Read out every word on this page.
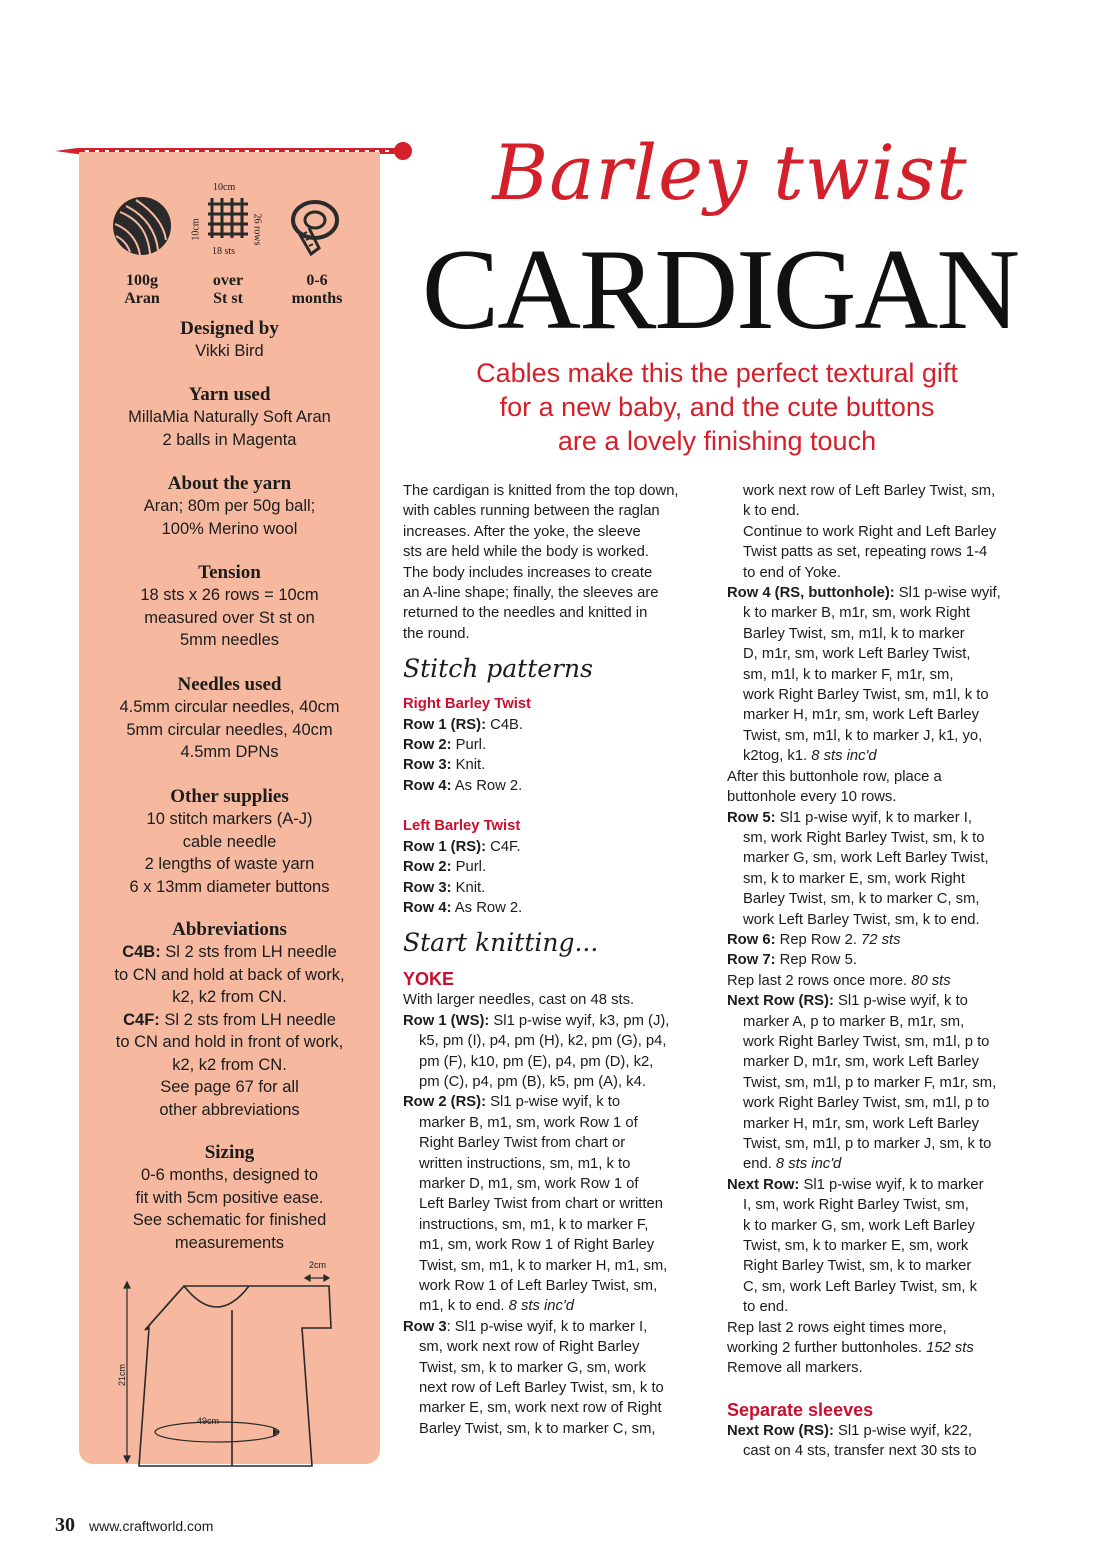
100g
Aran
10cm
10cm	26 rows
18 sts
over
St st
0-6
months
Designed by
Vikki Bird
Yarn used
MillaMia Naturally Soft Aran
2 balls in Magenta
About the yarn
Aran; 80m per 50g ball;
100% Merino wool
Tension
18 sts x 26 rows = 10cm
measured over St st on
5mm needles
Needles used
4.5mm circular needles, 40cm
5mm circular needles, 40cm
4.5mm DPNs
Other supplies
10 stitch markers (A-J)
cable needle
2 lengths of waste yarn
6 x 13mm diameter buttons
Abbreviations
C4B: Sl 2 sts from LH needle
to CN and hold at back of work,
k2, k2 from CN.
C4F: Sl 2 sts from LH needle
to CN and hold in front of work,
k2, k2 from CN.
See page 67 for all
other abbreviations
Sizing
0-6 months, designed to
fit with 5cm positive ease.
See schematic for finished
measurements
2cm
21cm
49cm
Barley twist
CARDIGAN
Cables make this the perfect textural gift
for a new baby, and the cute buttons
are a lovely finishing touch
The cardigan is knitted from the top down,
with cables running between the raglan
increases. After the yoke, the sleeve
sts are held while the body is worked.
The body includes increases to create
an A-line shape; finally, the sleeves are
returned to the needles and knitted in
the round.
Stitch patterns
Right Barley Twist
Row 1 (RS): C4B.
Row 2: Purl.
Row 3: Knit.
Row 4: As Row 2.
Left Barley Twist
Row 1 (RS): C4F.
Row 2: Purl.
Row 3: Knit.
Row 4: As Row 2.
Start knitting...
YOKE
With larger needles, cast on 48 sts.
Row 1 (WS): Sl1 p-wise wyif, k3, pm (J),
k5, pm (I), p4, pm (H), k2, pm (G), p4,
pm (F), k10, pm (E), p4, pm (D), k2,
pm (C), p4, pm (B), k5, pm (A), k4.
Row 2 (RS): Sl1 p-wise wyif, k to
marker B, m1, sm, work Row 1 of
Right Barley Twist from chart or
written instructions, sm, m1, k to
marker D, m1, sm, work Row 1 of
Left Barley Twist from chart or written
instructions, sm, m1, k to marker F,
m1, sm, work Row 1 of Right Barley
Twist, sm, m1, k to marker H, m1, sm,
work Row 1 of Left Barley Twist, sm,
m1, k to end. 8 sts inc'd
Row 3: Sl1 p-wise wyif, k to marker I,
sm, work next row of Right Barley
Twist, sm, k to marker G, sm, work
next row of Left Barley Twist, sm, k to
marker E, sm, work next row of Right
Barley Twist, sm, k to marker C, sm,
work next row of Left Barley Twist, sm,
k to end.
Continue to work Right and Left Barley
Twist patts as set, repeating rows 1-4
to end of Yoke.
Row 4 (RS, buttonhole): Sl1 p-wise wyif,
k to marker B, m1r, sm, work Right
Barley Twist, sm, m1l, k to marker
D, m1r, sm, work Left Barley Twist,
sm, m1l, k to marker F, m1r, sm,
work Right Barley Twist, sm, m1l, k to
marker H, m1r, sm, work Left Barley
Twist, sm, m1l, k to marker J, k1, yo,
k2tog, k1. 8 sts inc'd
After this buttonhole row, place a
buttonhole every 10 rows.
Row 5: Sl1 p-wise wyif, k to marker I,
sm, work Right Barley Twist, sm, k to
marker G, sm, work Left Barley Twist,
sm, k to marker E, sm, work Right
Barley Twist, sm, k to marker C, sm,
work Left Barley Twist, sm, k to end.
Row 6: Rep Row 2. 72 sts
Row 7: Rep Row 5.
Rep last 2 rows once more. 80 sts
Next Row (RS): Sl1 p-wise wyif, k to
marker A, p to marker B, m1r, sm,
work Right Barley Twist, sm, m1l, p to
marker D, m1r, sm, work Left Barley
Twist, sm, m1l, p to marker F, m1r, sm,
work Right Barley Twist, sm, m1l, p to
marker H, m1r, sm, work Left Barley
Twist, sm, m1l, p to marker J, sm, k to
end. 8 sts inc'd
Next Row: Sl1 p-wise wyif, k to marker
I, sm, work Right Barley Twist, sm,
k to marker G, sm, work Left Barley
Twist, sm, k to marker E, sm, work
Right Barley Twist, sm, k to marker
C, sm, work Left Barley Twist, sm, k
to end.
Rep last 2 rows eight times more,
working 2 further buttonholes. 152 sts
Remove all markers.
Separate sleeves
Next Row (RS): Sl1 p-wise wyif, k22,
cast on 4 sts, transfer next 30 sts to
30 www.craftworld.com
